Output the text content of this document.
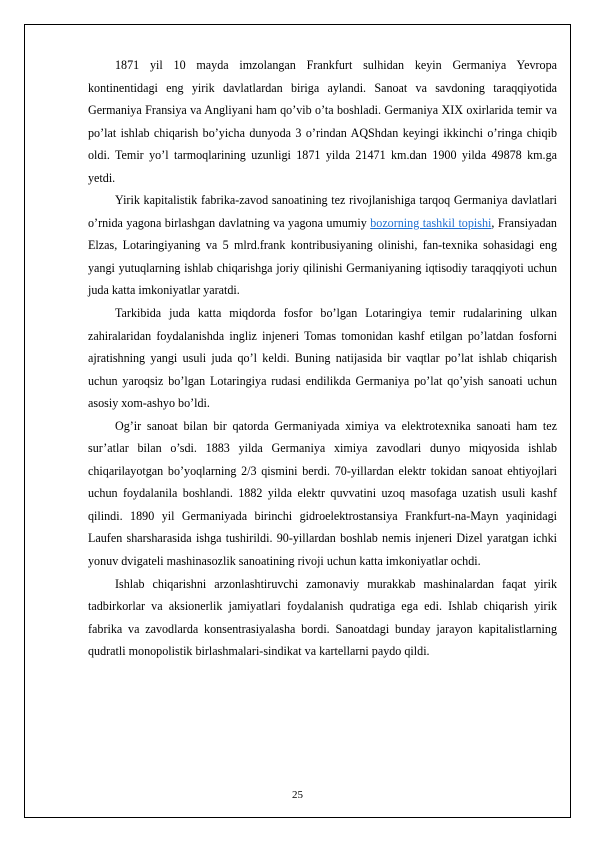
1871 yil 10 mayda imzolangan Frankfurt sulhidan keyin Germaniya Yevropa kontinentidagi eng yirik davlatlardan biriga aylandi. Sanoat va savdoning taraqqiyotida Germaniya Fransiya va Angliyani ham qo’vib o’ta boshladi. Germaniya XIX oxirlarida temir va po’lat ishlab chiqarish bo’yicha dunyoda 3 o’rindan AQShdan keyingi ikkinchi o’ringa chiqib oldi. Temir yo’l tarmoqlarining uzunligi 1871 yilda 21471 km.dan 1900 yilda 49878 km.ga yetdi.

Yirik kapitalistik fabrika-zavod sanoatining tez rivojlanishiga tarqoq Germaniya davlatlari o’rnida yagona birlashgan davlatning va yagona umumiy bozorning tashkil topishi, Fransiyadan Elzas, Lotaringiyaning va 5 mlrd.frank kontribusiyaning olinishi, fan-texnika sohasidagi eng yangi yutuqlarning ishlab chiqarishga joriy qilinishi Germaniyaning iqtisodiy taraqqiyoti uchun juda katta imkoniyatlar yaratdi.

Tarkibida juda katta miqdorda fosfor bo’lgan Lotaringiya temir rudalarining ulkan zahiralaridan foydalanishda ingliz injeneri Tomas tomonidan kashf etilgan po’latdan fosforni ajratishning yangi usuli juda qo’l keldi. Buning natijasida bir vaqtlar po’lat ishlab chiqarish uchun yaroqsiz bo’lgan Lotaringiya rudasi endilikda Germaniya po’lat qo’yish sanoati uchun asosiy xom-ashyo bo’ldi.

Og’ir sanoat bilan bir qatorda Germaniyada ximiya va elektrotexnika sanoati ham tez sur’atlar bilan o’sdi. 1883 yilda Germaniya ximiya zavodlari dunyo miqyosida ishlab chiqarilayotgan bo’yoqlarning 2/3 qismini berdi. 70-yillardan elektr tokidan sanoat ehtiyojlari uchun foydalanila boshlandi. 1882 yilda elektr quvvatini uzoq masofaga uzatish usuli kashf qilindi. 1890 yil Germaniyada birinchi gidroelektrostansiya Frankfurt-na-Mayn yaqinidagi Laufen sharsharasida ishga tushirildi. 90-yillardan boshlab nemis injeneri Dizel yaratgan ichki yonuv dvigateli mashinasozlik sanoatining rivoji uchun katta imkoniyatlar ochdi.

Ishlab chiqarishni arzonlashtiruvchi zamonaviy murakkab mashinalardan faqat yirik tadbirkorlar va aksionerlik jamiyatlari foydalanish qudratiga ega edi. Ishlab chiqarish yirik fabrika va zavodlarda konsentrasiyalasha bordi. Sanoatdagi bunday jarayon kapitalistlarning qudratli monopolistik birlashmalari-sindikat va kartellarni paydo qildi.

25
